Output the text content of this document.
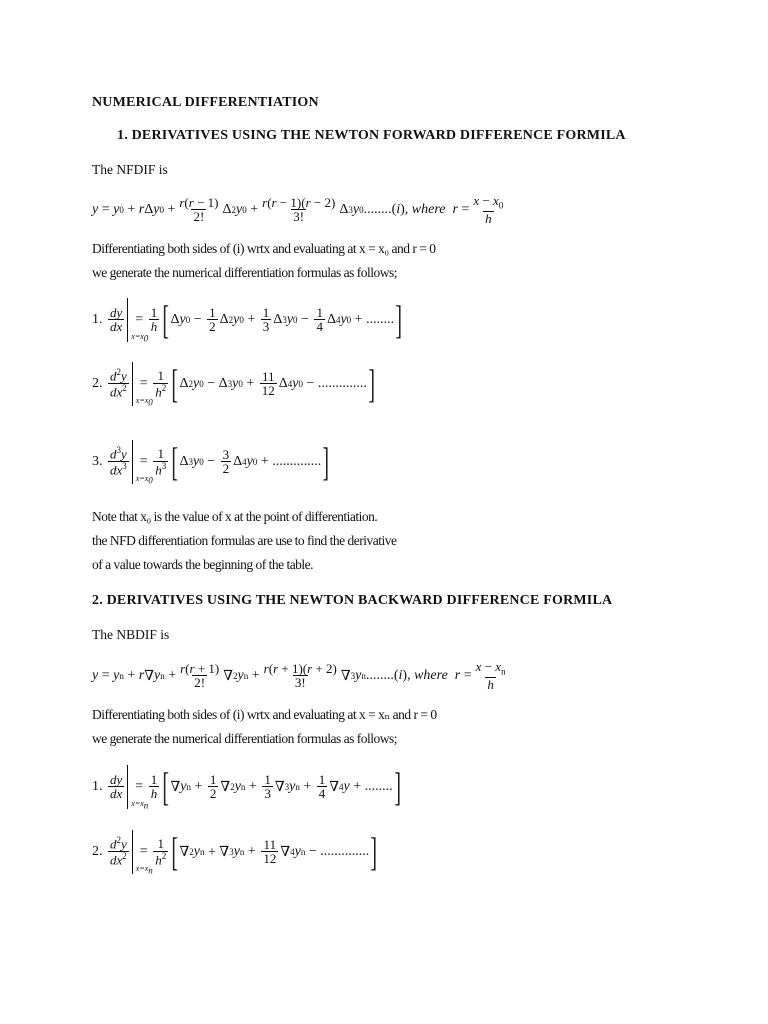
NUMERICAL DIFFERENTIATION
1. DERIVATIVES USING THE NEWTON FORWARD DIFFERENCE FORMILA
The NFDIF is
y = y 0 + r Δ y $0 + \frac{r(r - 1)}{2!}$ Δ 2 y $0 + \frac{r(r - 1)(r - 2)}{3!}$ Δ 3 y 0 ........( i ), where  $r = \frac{x - x_0}{h}$
Differentiating both sides of (i) wrtx and evaluating at x = x₀ and r = 0
we generate the numerical differentiation formulas as follows;
1.
$\frac{dy}{dx}$
$x=x_0$
= $\frac{1}{h}$ [ Δ y $0 - \frac{1}{2}$ Δ 2 y $0 + \frac{1}{3}$ Δ 3 y $0 - \frac{1}{4}$ Δ 4 y 0 + ........ ]
2.
$\frac{d^2y}{dx^2}$
$x=x_0$
= $\frac{1}{h^2}$ [ Δ 2 y 0 − Δ 3 y $0 + \frac{11}{12}$ Δ 4 y 0 − .............. ]
3.
$\frac{d^3y}{dx^3}$
$x=x_0$
= $\frac{1}{h^3}$ [ Δ 3 y $0 - \frac{3}{2}$ Δ 4 y 0 + .............. ]
Note that x₀ is the value of x at the point of differentiation.
the NFD differentiation formulas are use to find the derivative
of a value towards the beginning of the table.
2. DERIVATIVES USING THE NEWTON BACKWARD DIFFERENCE FORMILA
The NBDIF is
y = y n + r ∇ y $n + \frac{r(r + 1)}{2!}$ ∇ 2 y $n + \frac{r(r + 1)(r + 2)}{3!}$ ∇ 3 y n ........( i ), where  $r = \frac{x - x_n}{h}$
Differentiating both sides of (i) wrtx and evaluating at x = xₙ and r = 0
we generate the numerical differentiation formulas as follows;
1.
$\frac{dy}{dx}$
$x=x_n$
= $\frac{1}{h}$ [ ∇ y $n + \frac{1}{2}$ ∇ 2 y $n + \frac{1}{3}$ ∇ 3 y $n + \frac{1}{4}$ ∇ 4 y + ........ ]
2.
$\frac{d^2y}{dx^2}$
$x=x_n$
= $\frac{1}{h^2}$ [ ∇ 2 y n + ∇ 3 y $n + \frac{11}{12}$ ∇ 4 y n − .............. ]
